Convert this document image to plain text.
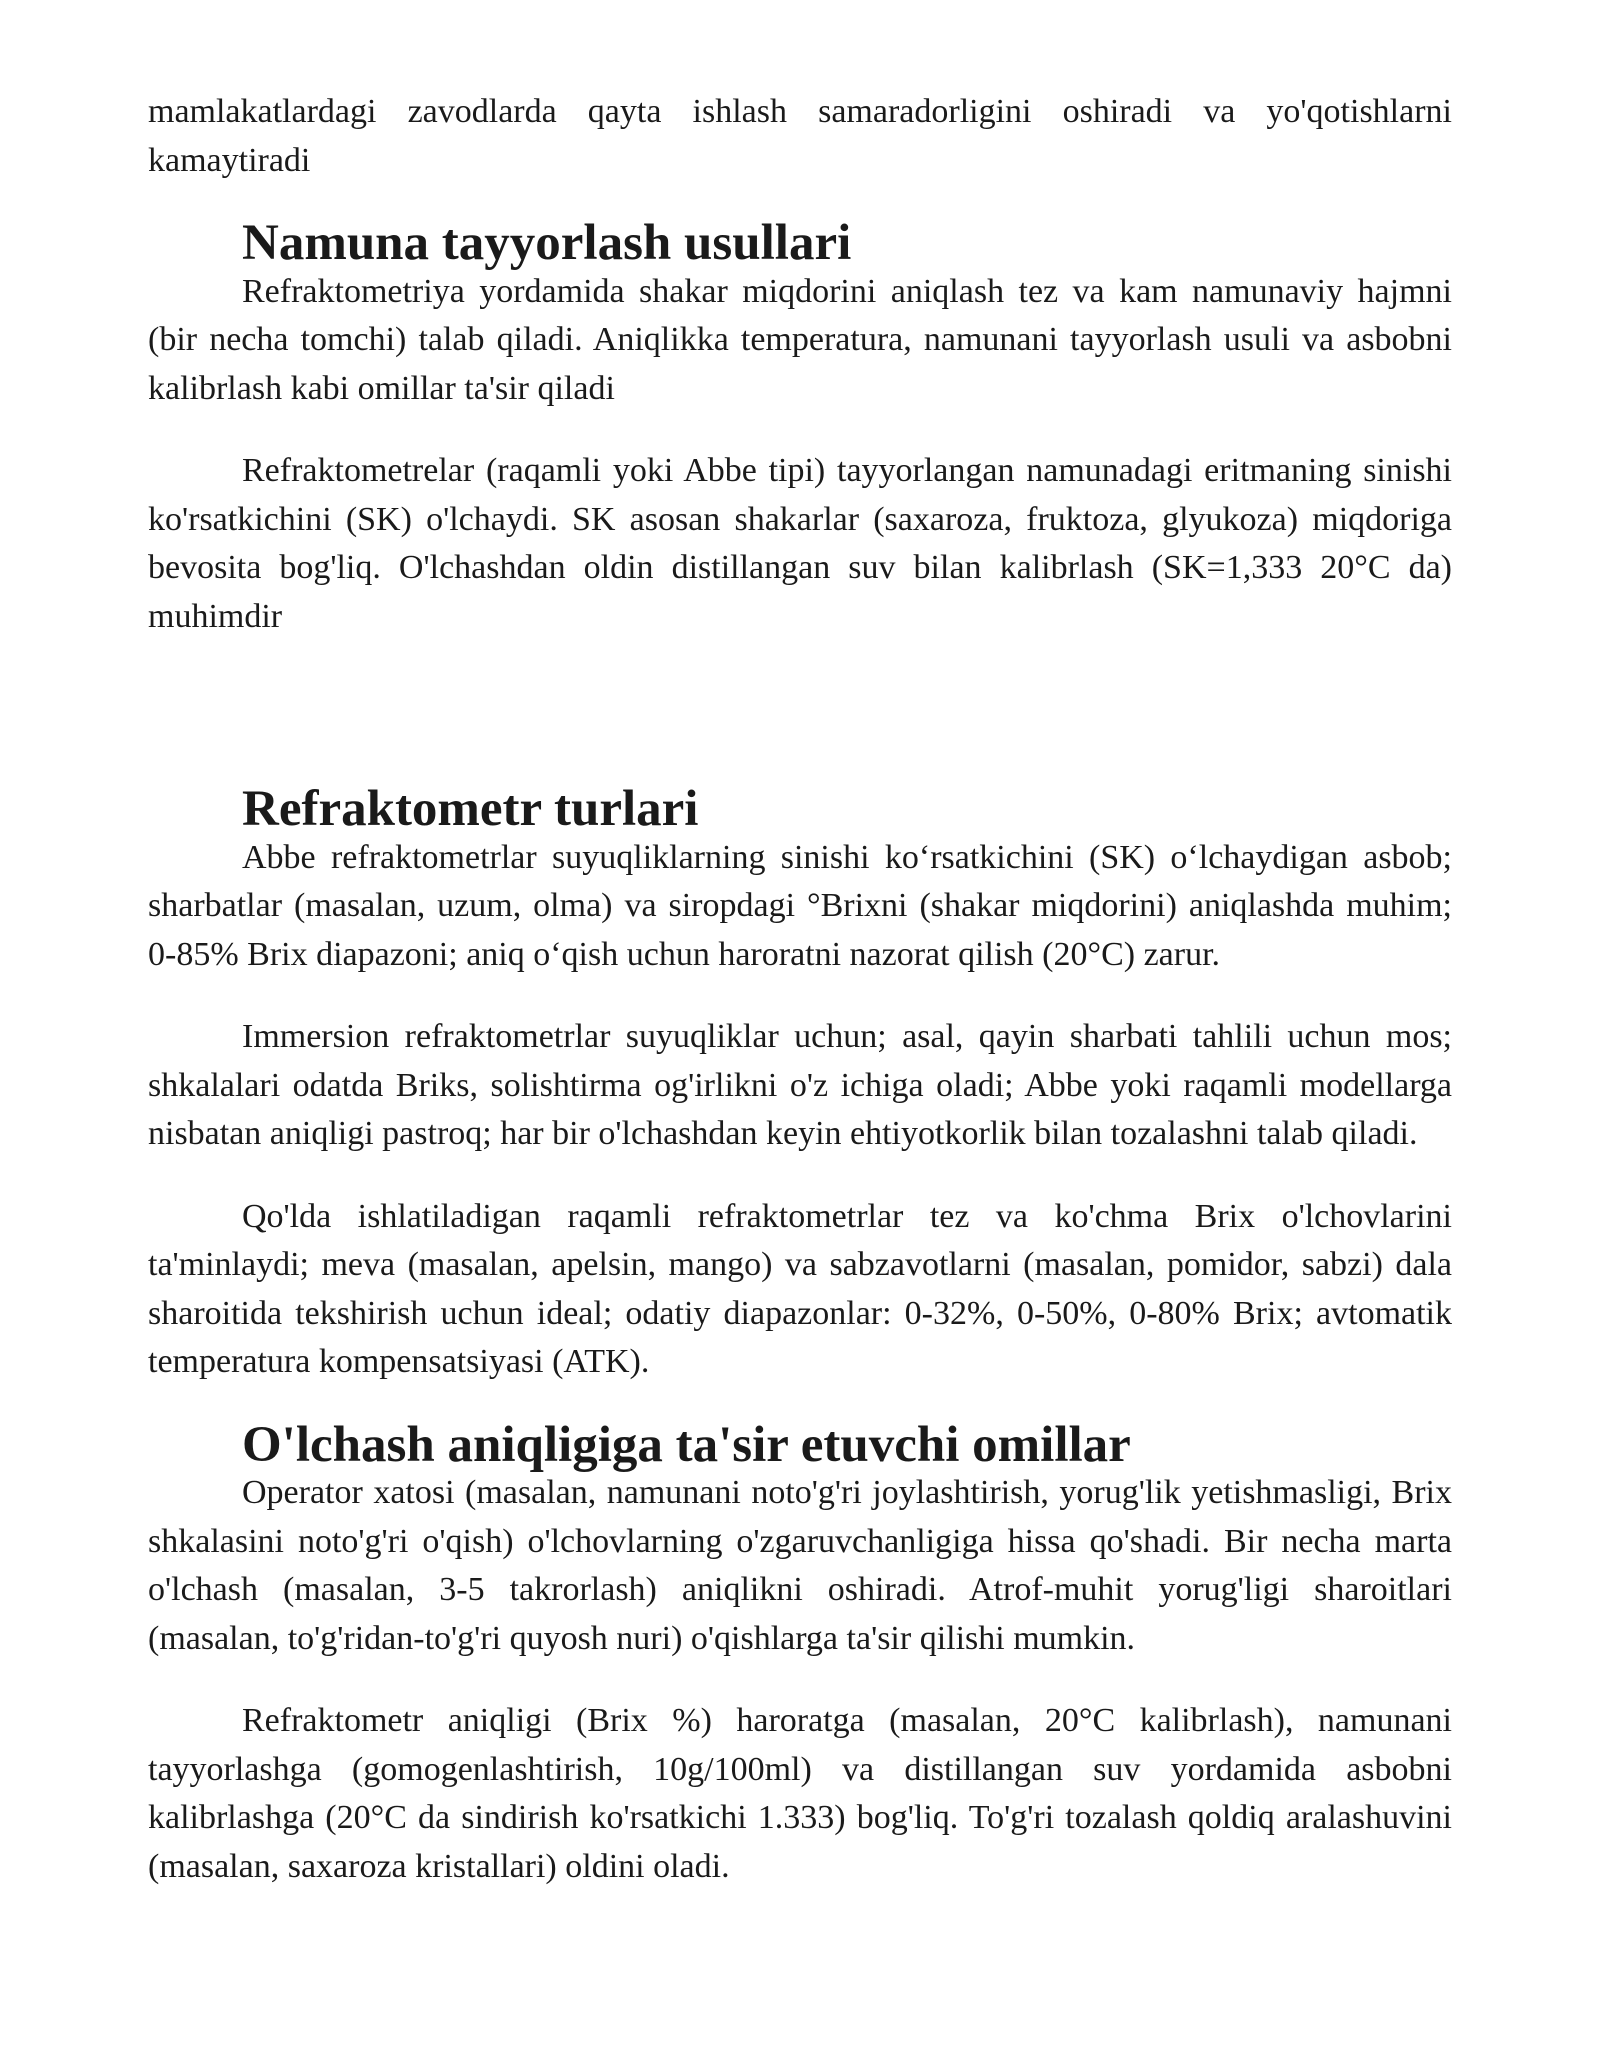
mamlakatlardagi zavodlarda qayta ishlash samaradorligini oshiradi va yo'qotishlarni kamaytiradi

Namuna tayyorlash usullari

Refraktometriya yordamida shakar miqdorini aniqlash tez va kam namunaviy hajmni (bir necha tomchi) talab qiladi. Aniqlikka temperatura, namunani tayyorlash usuli va asbobni kalibrlash kabi omillar ta'sir qiladi

Refraktometrelar (raqamli yoki Abbe tipi) tayyorlangan namunadagi eritmaning sinishi ko'rsatkichini (SK) o'lchaydi. SK asosan shakarlar (saxaroza, fruktoza, glyukoza) miqdoriga bevosita bog'liq. O'lchashdan oldin distillangan suv bilan kalibrlash (SK=1,333 20°C da) muhimdir

Refraktometr turlari

Abbe refraktometrlar suyuqliklarning sinishi ko‘rsatkichini (SK) o‘lchaydigan asbob; sharbatlar (masalan, uzum, olma) va siropdagi °Brixni (shakar miqdorini) aniqlashda muhim; 0-85% Brix diapazoni; aniq o‘qish uchun haroratni nazorat qilish (20°C) zarur.

Immersion refraktometrlar suyuqliklar uchun; asal, qayin sharbati tahlili uchun mos; shkalalari odatda Briks, solishtirma og'irlikni o'z ichiga oladi; Abbe yoki raqamli modellarga nisbatan aniqligi pastroq; har bir o'lchashdan keyin ehtiyotkorlik bilan tozalashni talab qiladi.

Qo'lda ishlatiladigan raqamli refraktometrlar tez va ko'chma Brix o'lchovlarini ta'minlaydi; meva (masalan, apelsin, mango) va sabzavotlarni (masalan, pomidor, sabzi) dala sharoitida tekshirish uchun ideal; odatiy diapazonlar: 0-32%, 0-50%, 0-80% Brix; avtomatik temperatura kompensatsiyasi (ATK).

O'lchash aniqligiga ta'sir etuvchi omillar

Operator xatosi (masalan, namunani noto'g'ri joylashtirish, yorug'lik yetishmasligi, Brix shkalasini noto'g'ri o'qish) o'lchovlarning o'zgaruvchanligiga hissa qo'shadi. Bir necha marta o'lchash (masalan, 3-5 takrorlash) aniqlikni oshiradi. Atrof-muhit yorug'ligi sharoitlari (masalan, to'g'ridan-to'g'ri quyosh nuri) o'qishlarga ta'sir qilishi mumkin.

Refraktometr aniqligi (Brix %) haroratga (masalan, 20°C kalibrlash), namunani tayyorlashga (gomogenlashtirish, 10g/100ml) va distillangan suv yordamida asbobni kalibrlashga (20°C da sindirish ko'rsatkichi 1.333) bog'liq. To'g'ri tozalash qoldiq aralashuvini (masalan, saxaroza kristallari) oldini oladi.
